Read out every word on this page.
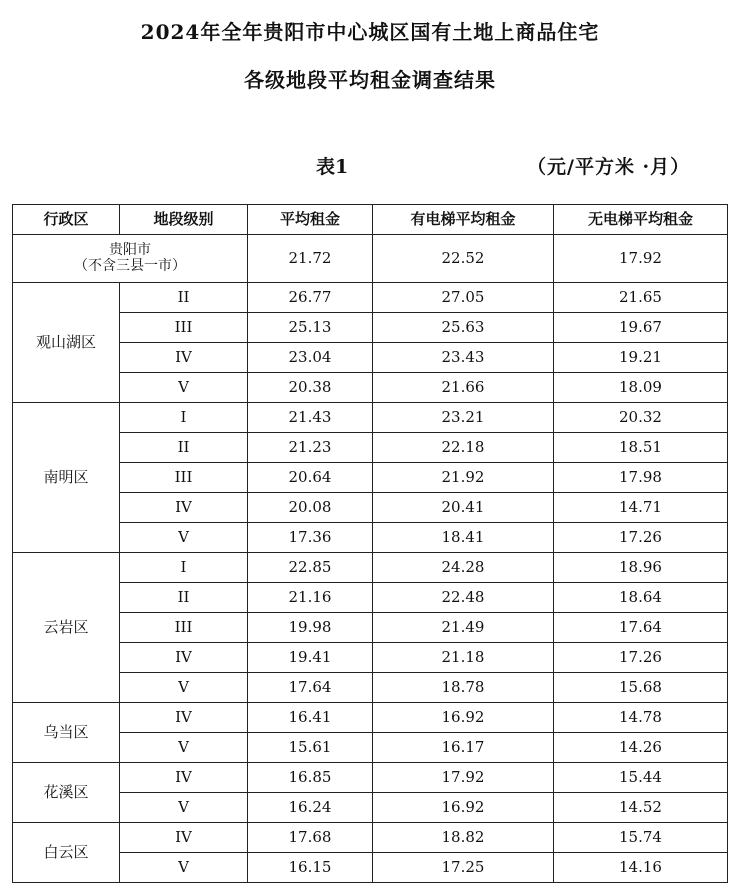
2024年全年贵阳市中心城区国有土地上商品住宅
各级地段平均租金调查结果
表1	（元/平方米 ·月）
行政区	地段级别	平均租金	有电梯平均租金	无电梯平均租金

贵阳市
（不含三县一市）		21.72	22.52	17.92
观山湖区	II	26.77	27.05	21.65
	III	25.13	25.63	19.67
	IV	23.04	23.43	19.21
	V	20.38	21.66	18.09
南明区	I	21.43	23.21	20.32
	II	21.23	22.18	18.51
	III	20.64	21.92	17.98
	IV	20.08	20.41	14.71
	V	17.36	18.41	17.26
云岩区	I	22.85	24.28	18.96
	II	21.16	22.48	18.64
	III	19.98	21.49	17.64
	IV	19.41	21.18	17.26
	V	17.64	18.78	15.68
乌当区	IV	16.41	16.92	14.78
	V	15.61	16.17	14.26
花溪区	IV	16.85	17.92	15.44
	V	16.24	16.92	14.52
白云区	IV	17.68	18.82	15.74
	V	16.15	17.25	14.16
